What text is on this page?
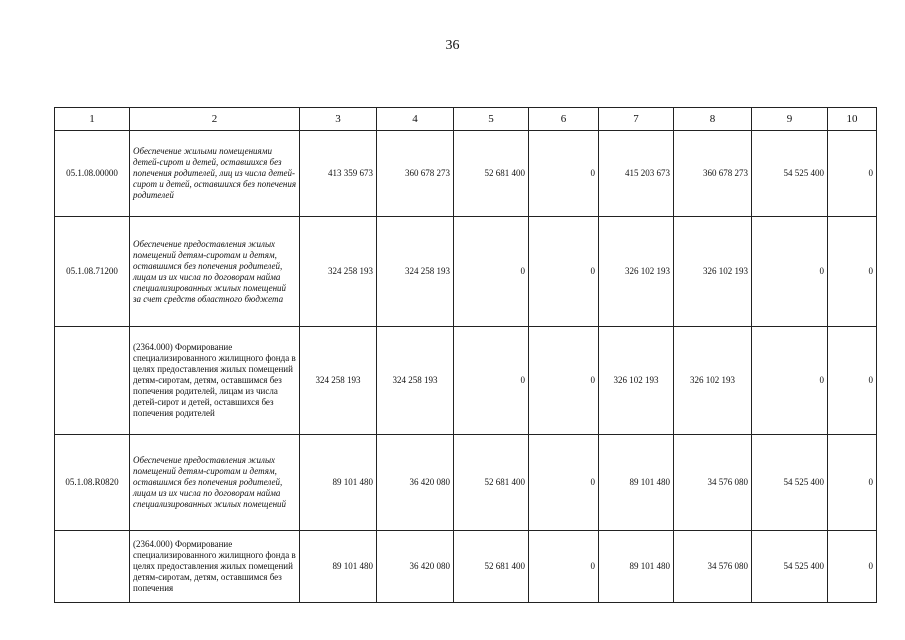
36
1	2	3	4	5	6	7	8	9	10
05.1.08.00000	Обеспечение жилыми помещениями детей-сирот и детей, оставшихся без попечения родителей, лиц из числа детей-сирот и детей, оставшихся без попечения родителей	413 359 673	360 678 273	52 681 400	0	415 203 673	360 678 273	54 525 400	0
05.1.08.71200	Обеспечение предоставления жилых помещений детям-сиротам и детям, оставшимся без попечения родителей, лицам из их числа по договорам найма специализированных жилых помещений за счет средств областного бюджета	324 258 193	324 258 193	0	0	326 102 193	326 102 193	0	0
	(2364.000) Формирование специализированного жилищного фонда в целях предоставления жилых помещений детям-сиротам, детям, оставшимся без попечения родителей, лицам из числа детей-сирот и детей, оставшихся без попечения родителей	324 258 193	324 258 193	0	0	326 102 193	326 102 193	0	0
05.1.08.R0820	Обеспечение предоставления жилых помещений детям-сиротам и детям, оставшимся без попечения родителей, лицам из их числа по договорам найма специализированных жилых помещений	89 101 480	36 420 080	52 681 400	0	89 101 480	34 576 080	54 525 400	0
	(2364.000) Формирование специализированного жилищного фонда в целях предоставления жилых помещений детям-сиротам, детям, оставшимся без попечения	89 101 480	36 420 080	52 681 400	0	89 101 480	34 576 080	54 525 400	0
